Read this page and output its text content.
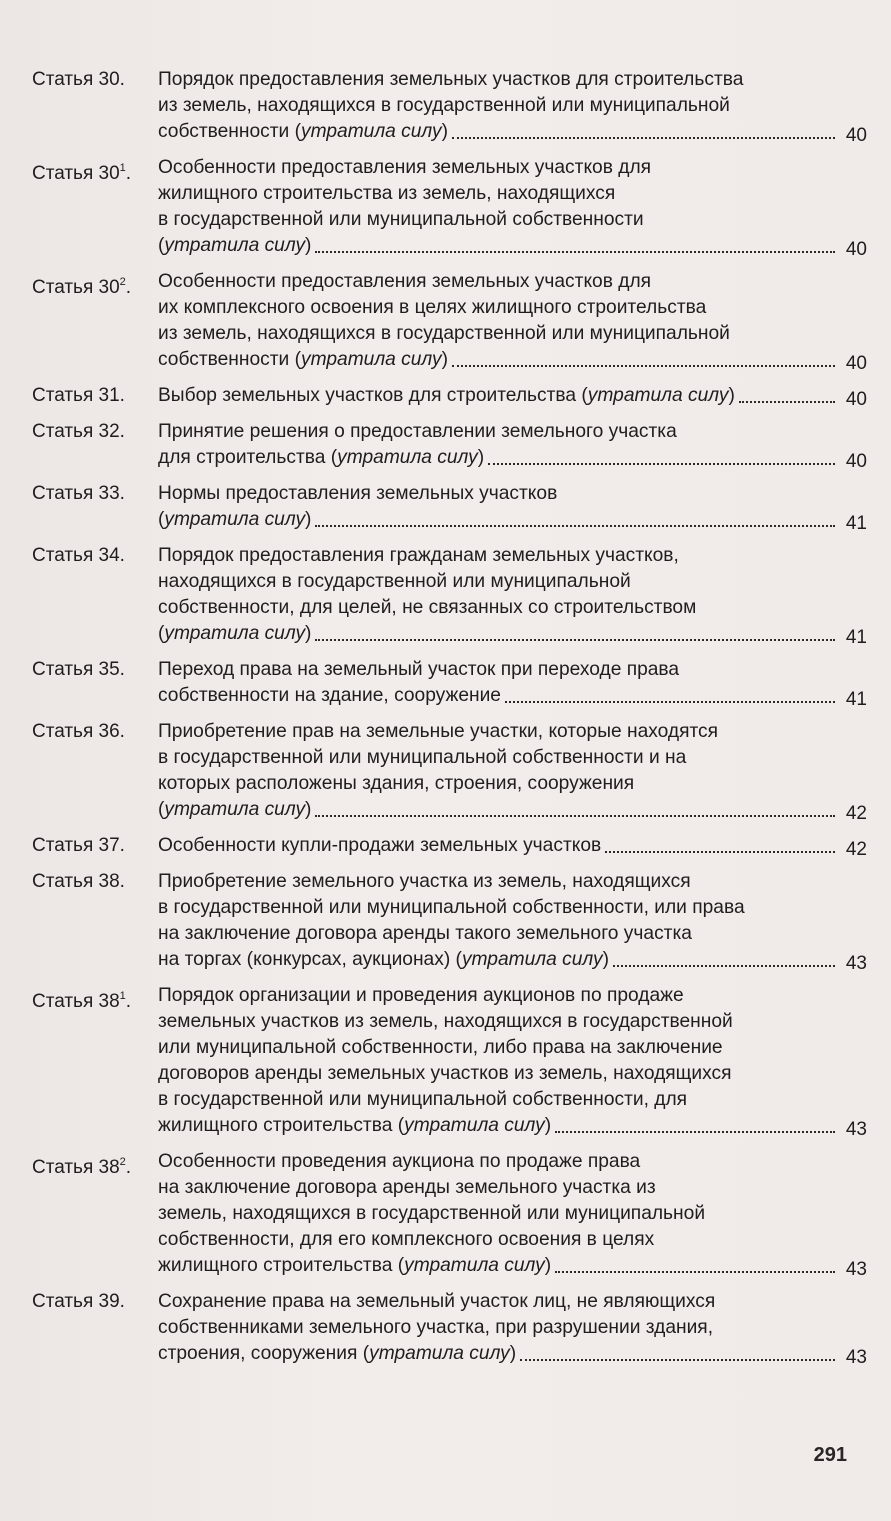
Статья 30.	Порядок предоставления земельных участков для строительства
из земель, находящихся в государственной или муниципальной
собственности (утратила силу)	40
Статья $30^1$.	Особенности предоставления земельных участков для
жилищного строительства из земель, находящихся
в государственной или муниципальной собственности
(утратила силу)	40
Статья $30^2$.	Особенности предоставления земельных участков для
их комплексного освоения в целях жилищного строительства
из земель, находящихся в государственной или муниципальной
собственности (утратила силу)	40
Статья 31.	Выбор земельных участков для строительства (утратила силу)	40
Статья 32.	Принятие решения о предоставлении земельного участка
для строительства (утратила силу)	40
Статья 33.	Нормы предоставления земельных участков
(утратила силу)	41
Статья 34.	Порядок предоставления гражданам земельных участков,
находящихся в государственной или муниципальной
собственности, для целей, не связанных со строительством
(утратила силу)	41
Статья 35.	Переход права на земельный участок при переходе права
собственности на здание, сооружение	41
Статья 36.	Приобретение прав на земельные участки, которые находятся
в государственной или муниципальной собственности и на
которых расположены здания, строения, сооружения
(утратила силу)	42
Статья 37.	Особенности купли-продажи земельных участков	42
Статья 38.	Приобретение земельного участка из земель, находящихся
в государственной или муниципальной собственности, или права
на заключение договора аренды такого земельного участка
на торгах (конкурсах, аукционах) (утратила силу)	43
Статья $38^1$.	Порядок организации и проведения аукционов по продаже
земельных участков из земель, находящихся в государственной
или муниципальной собственности, либо права на заключение
договоров аренды земельных участков из земель, находящихся
в государственной или муниципальной собственности, для
жилищного строительства (утратила силу)	43
Статья $38^2$.	Особенности проведения аукциона по продаже права
на заключение договора аренды земельного участка из
земель, находящихся в государственной или муниципальной
собственности, для его комплексного освоения в целях
жилищного строительства (утратила силу)	43
Статья 39.	Сохранение права на земельный участок лиц, не являющихся
собственниками земельного участка, при разрушении здания,
строения, сооружения (утратила силу)	43
291
